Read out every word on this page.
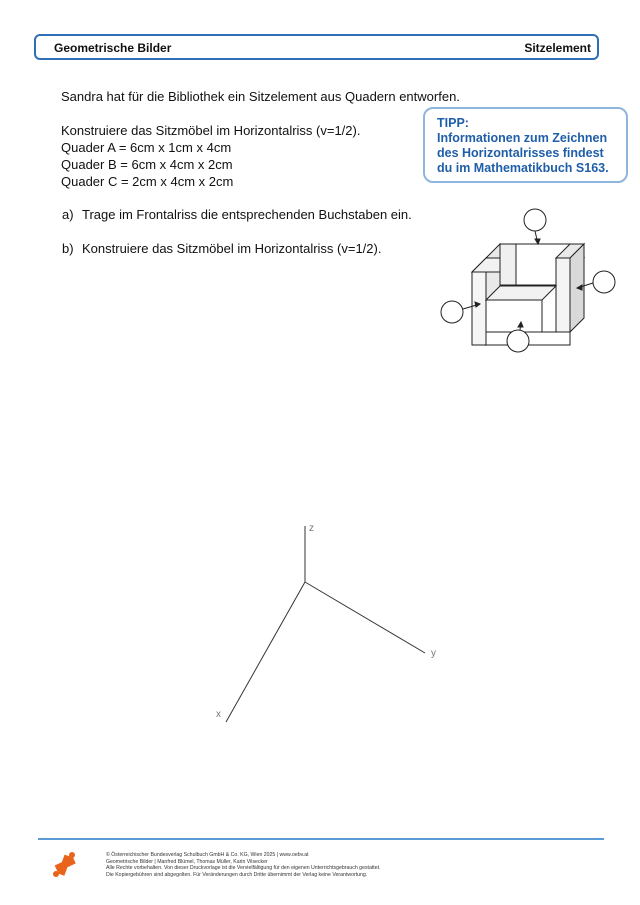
Geometrische Bilder	Sitzelement
Sandra hat für die Bibliothek ein Sitzelement aus Quadern entworfen.
Konstruiere das Sitzmöbel im Horizontalriss (v=1/2).
Quader A = 6cm x 1cm x 4cm
Quader B = 6cm x 4cm x 2cm
Quader C = 2cm x 4cm x 2cm
TIPP:
Informationen zum Zeichnen
des Horizontalrisses findest
du im Mathematikbuch S163.
a) Trage im Frontalriss die entsprechenden Buchstaben ein.
b) Konstruiere das Sitzmöbel im Horizontalriss (v=1/2).
z
y
x
© Österreichischer Bundesverlag Schulbuch GmbH & Co. KG, Wien 2025 | www.oebv.at
Geometrische Bilder | Manfred Blümel, Thomas Müller, Karin Vilsecker
Alle Rechte vorbehalten. Von dieser Druckvorlage ist die Vervielfältigung für den eigenen Unterrichtsgebrauch gestattet.
Die Kopiergebühren sind abgegolten. Für Veränderungen durch Dritte übernimmt der Verlag keine Verantwortung.
